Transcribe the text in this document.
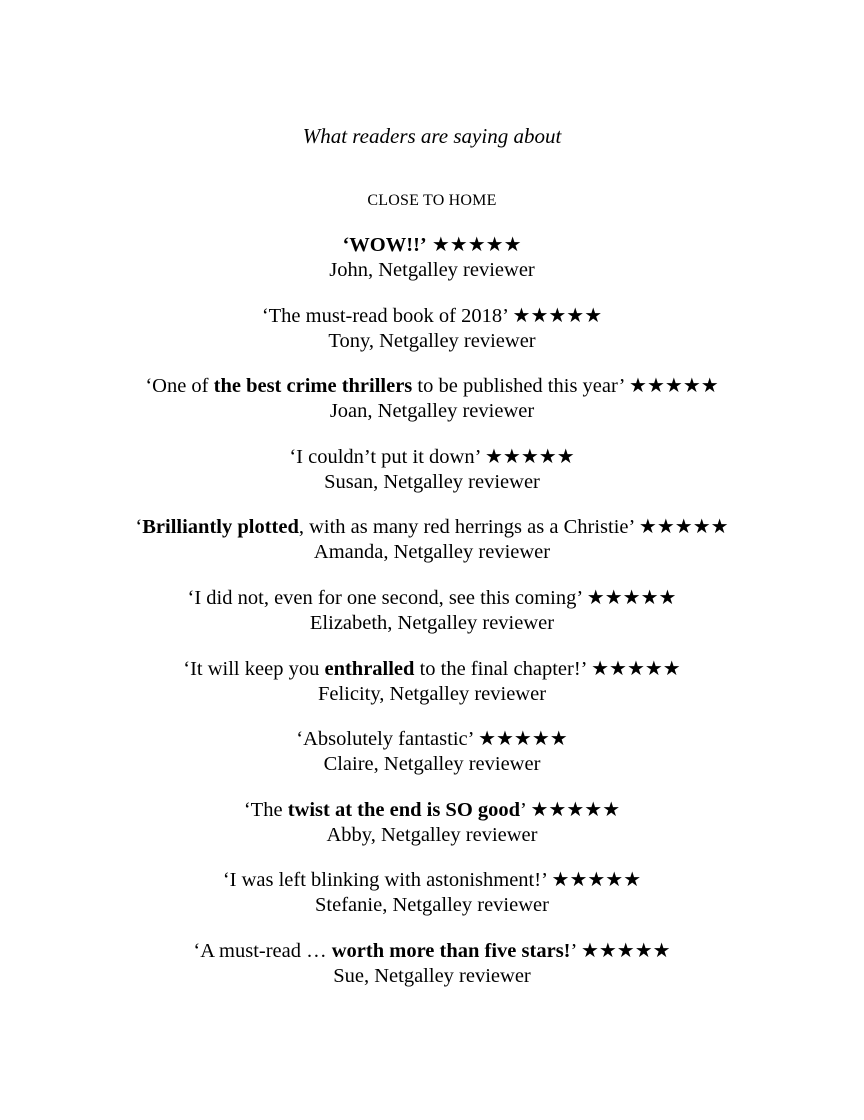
What readers are saying about
CLOSE TO HOME
‘WOW!!’ ★★★★★
John, Netgalley reviewer
‘The must-read book of 2018’ ★★★★★
Tony, Netgalley reviewer
‘One of the best crime thrillers to be published this year’ ★★★★★
Joan, Netgalley reviewer
‘I couldn’t put it down’ ★★★★★
Susan, Netgalley reviewer
‘Brilliantly plotted, with as many red herrings as a Christie’ ★★★★★
Amanda, Netgalley reviewer
‘I did not, even for one second, see this coming’ ★★★★★
Elizabeth, Netgalley reviewer
‘It will keep you enthralled to the final chapter!’ ★★★★★
Felicity, Netgalley reviewer
‘Absolutely fantastic’ ★★★★★
Claire, Netgalley reviewer
‘The twist at the end is SO good’ ★★★★★
Abby, Netgalley reviewer
‘I was left blinking with astonishment!’ ★★★★★
Stefanie, Netgalley reviewer
‘A must-read … worth more than five stars!’ ★★★★★
Sue, Netgalley reviewer
